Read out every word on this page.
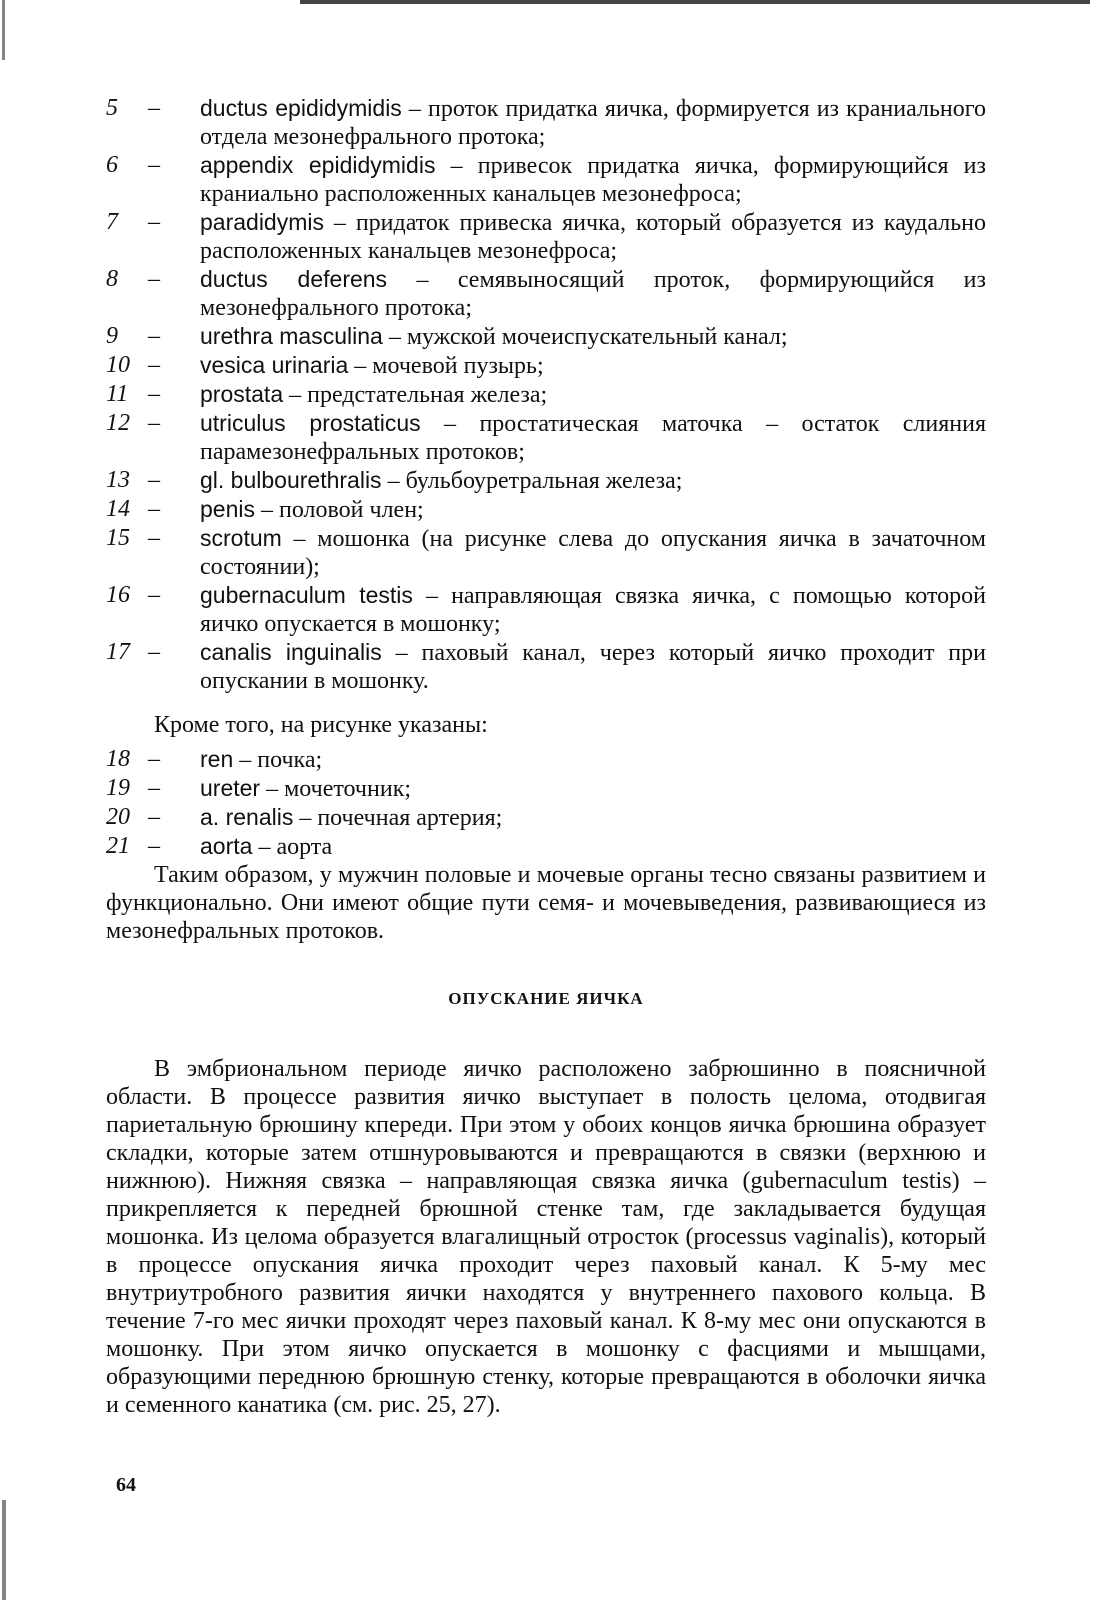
5	–	ductus epididymidis – проток придатка яичка, формируется из краниального отдела мезонефрального протока;
6	–	appendix epididymidis – привесок придатка яичка, формирующийся из краниально расположенных канальцев мезонефроса;
7	–	paradidymis – придаток привеска яичка, который образуется из каудально расположенных канальцев мезонефроса;
8	–	ductus deferens – семявыносящий проток, формирующийся из мезонефрального протока;
9	–	urethra masculina – мужской мочеиспускательный канал;
10 –	vesica urinaria – мочевой пузырь;
11 –	prostata – предстательная железа;
12 –	utriculus prostaticus – простатическая маточка – остаток слияния парамезонефральных протоков;
13 –	gl. bulbourethralis – бульбоуретральная железа;
14 –	penis – половой член;
15 –	scrotum – мошонка (на рисунке слева до опускания яичка в зачаточном состоянии);
16 –	gubernaculum testis – направляющая связка яичка, с помощью которой яичко опускается в мошонку;
17 –	canalis inguinalis – паховый канал, через который яичко проходит при опускании в мошонку.

Кроме того, на рисунке указаны:

18 –	ren – почка;
19 –	ureter – мочеточник;
20 –	a. renalis – почечная артерия;
21 –	aorta – аорта

Таким образом, у мужчин половые и мочевые органы тесно связаны развитием и функционально. Они имеют общие пути семя- и мочевыведения, развивающиеся из мезонефральных протоков.

ОПУСКАНИЕ ЯИЧКА

В эмбриональном периоде яичко расположено забрюшинно в поясничной области. В процессе развития яичко выступает в полость целома, отодвигая париетальную брюшину кпереди. При этом у обоих концов яичка брюшина образует складки, которые затем отшнуровываются и превращаются в связки (верхнюю и нижнюю). Нижняя связка – направляющая связка яичка (gubernaculum testis) – прикрепляется к передней брюшной стенке там, где закладывается будущая мошонка. Из целома образуется влагалищный отросток (processus vaginalis), который в процессе опускания яичка проходит через паховый канал. К 5-му мес внутриутробного развития яички находятся у внутреннего пахового кольца. В течение 7-го мес яички проходят через паховый канал. К 8-му мес они опускаются в мошонку. При этом яичко опускается в мошонку с фасциями и мышцами, образующими переднюю брюшную стенку, которые превращаются в оболочки яичка и семенного канатика (см. рис. 25, 27).

64
